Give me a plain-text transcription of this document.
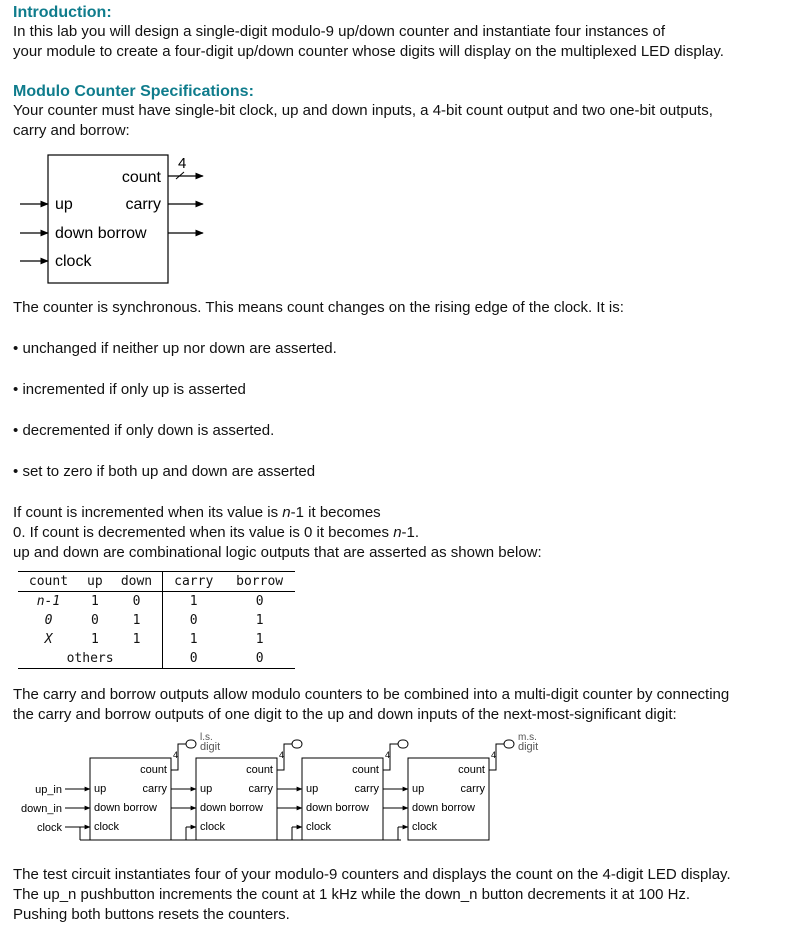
Introduction:
In this lab you will design a single-digit modulo-9 up/down counter and instantiate four instances of
your module to create a four-digit up/down counter whose digits will display on the multiplexed LED display.
Modulo Counter Specifications:
Your counter must have single-bit clock, up and down inputs, a 4-bit count output and two one-bit outputs,
carry and borrow:
4
count
up	carry
down borrow
clock
The counter is synchronous. This means count changes on the rising edge of the clock. It is:
• unchanged if neither up nor down are asserted.
• incremented if only up is asserted
• decremented if only down is asserted.
• set to zero if both up and down are asserted
If count is incremented when its value is n-1 it becomes
0. If count is decremented when its value is 0 it becomes n-1.
up and down are combinational logic outputs that are asserted as shown below:
count	up	down	carry	borrow
n-1	1	0	1	0
0	0	1	0	1
X	1	1	1	1
others			0	0
The carry and borrow outputs allow modulo counters to be combined into a multi-digit counter by connecting
the carry and borrow outputs of one digit to the up and down inputs of the next-most-significant digit:
up_in
down_in
clock
l.s.
digit
m.s.
digit
count
4
up	carry
down borrow
clock
count
4
up	carry
down borrow
clock
count
4
up	carry
down borrow
clock
count
4
up	carry
down borrow
clock
The test circuit instantiates four of your modulo-9 counters and displays the count on the 4-digit LED display.
The up_n pushbutton increments the count at 1 kHz while the down_n button decrements it at 100 Hz.
Pushing both buttons resets the counters.
